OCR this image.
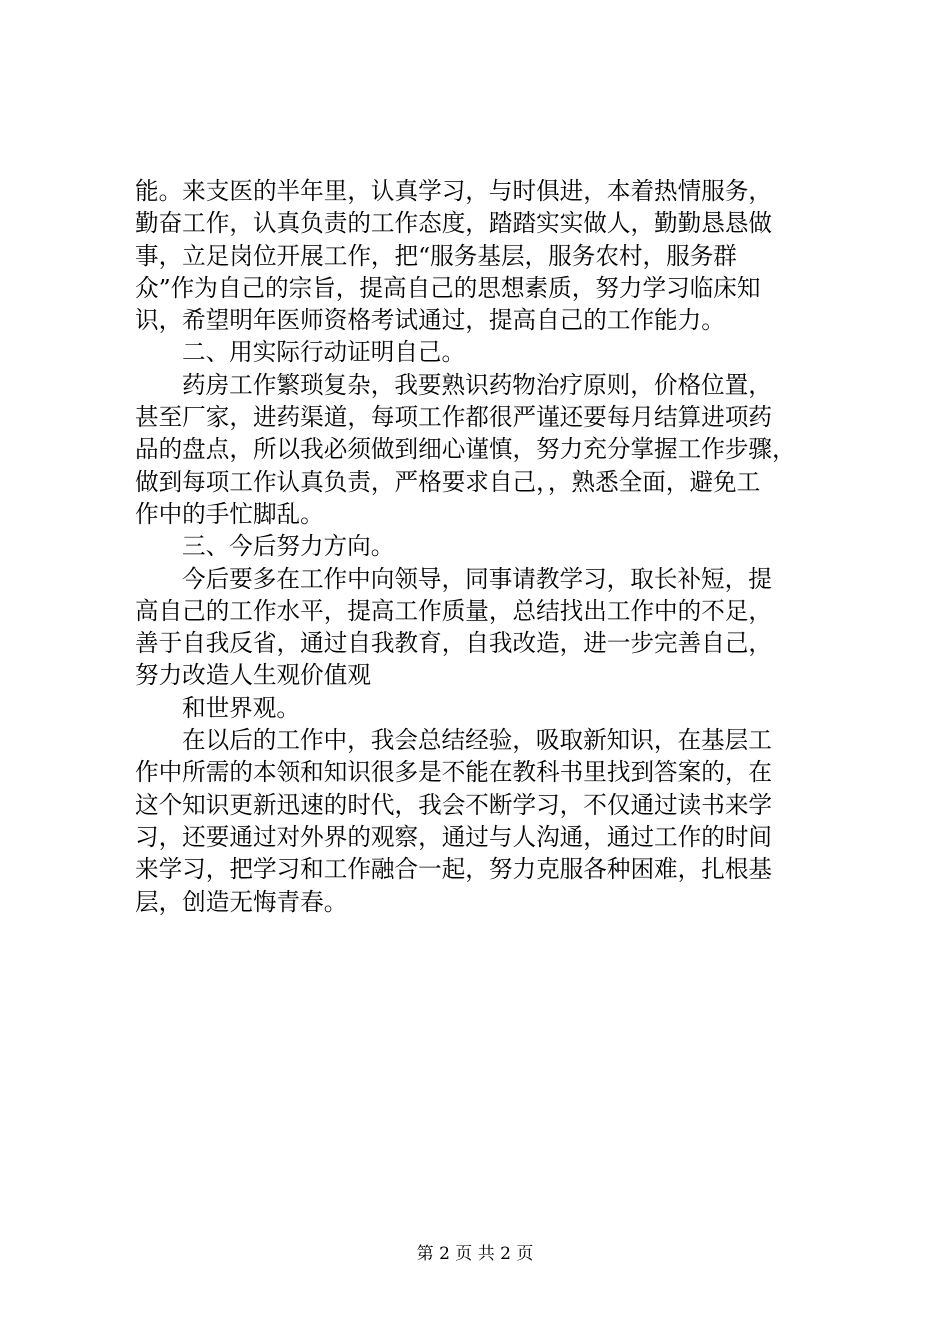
能。来支医的半年里，认真学习，与时俱进，本着热情服务，
勤奋工作，认真负责的工作态度，踏踏实实做人，勤勤恳恳做
事，立足岗位开展工作，把“服务基层，服务农村，服务群
众”作为自己的宗旨，提高自己的思想素质，努力学习临床知
识，希望明年医师资格考试通过，提高自己的工作能力。
二、用实际行动证明自己。
药房工作繁琐复杂，我要熟识药物治疗原则，价格位置，
甚至厂家，进药渠道，每项工作都很严谨还要每月结算进项药
品的盘点，所以我必须做到细心谨慎，努力充分掌握工作步骤，
做到每项工作认真负责，严格要求自己，，熟悉全面，避免工
作中的手忙脚乱。
三、今后努力方向。
今后要多在工作中向领导，同事请教学习，取长补短，提
高自己的工作水平，提高工作质量，总结找出工作中的不足，
善于自我反省，通过自我教育，自我改造，进一步完善自己，
努力改造人生观价值观
和世界观。
在以后的工作中，我会总结经验，吸取新知识，在基层工
作中所需的本领和知识很多是不能在教科书里找到答案的，在
这个知识更新迅速的时代，我会不断学习，不仅通过读书来学
习，还要通过对外界的观察，通过与人沟通，通过工作的时间
来学习，把学习和工作融合一起，努力克服各种困难，扎根基
层，创造无悔青春。
第 2 页 共 2 页
